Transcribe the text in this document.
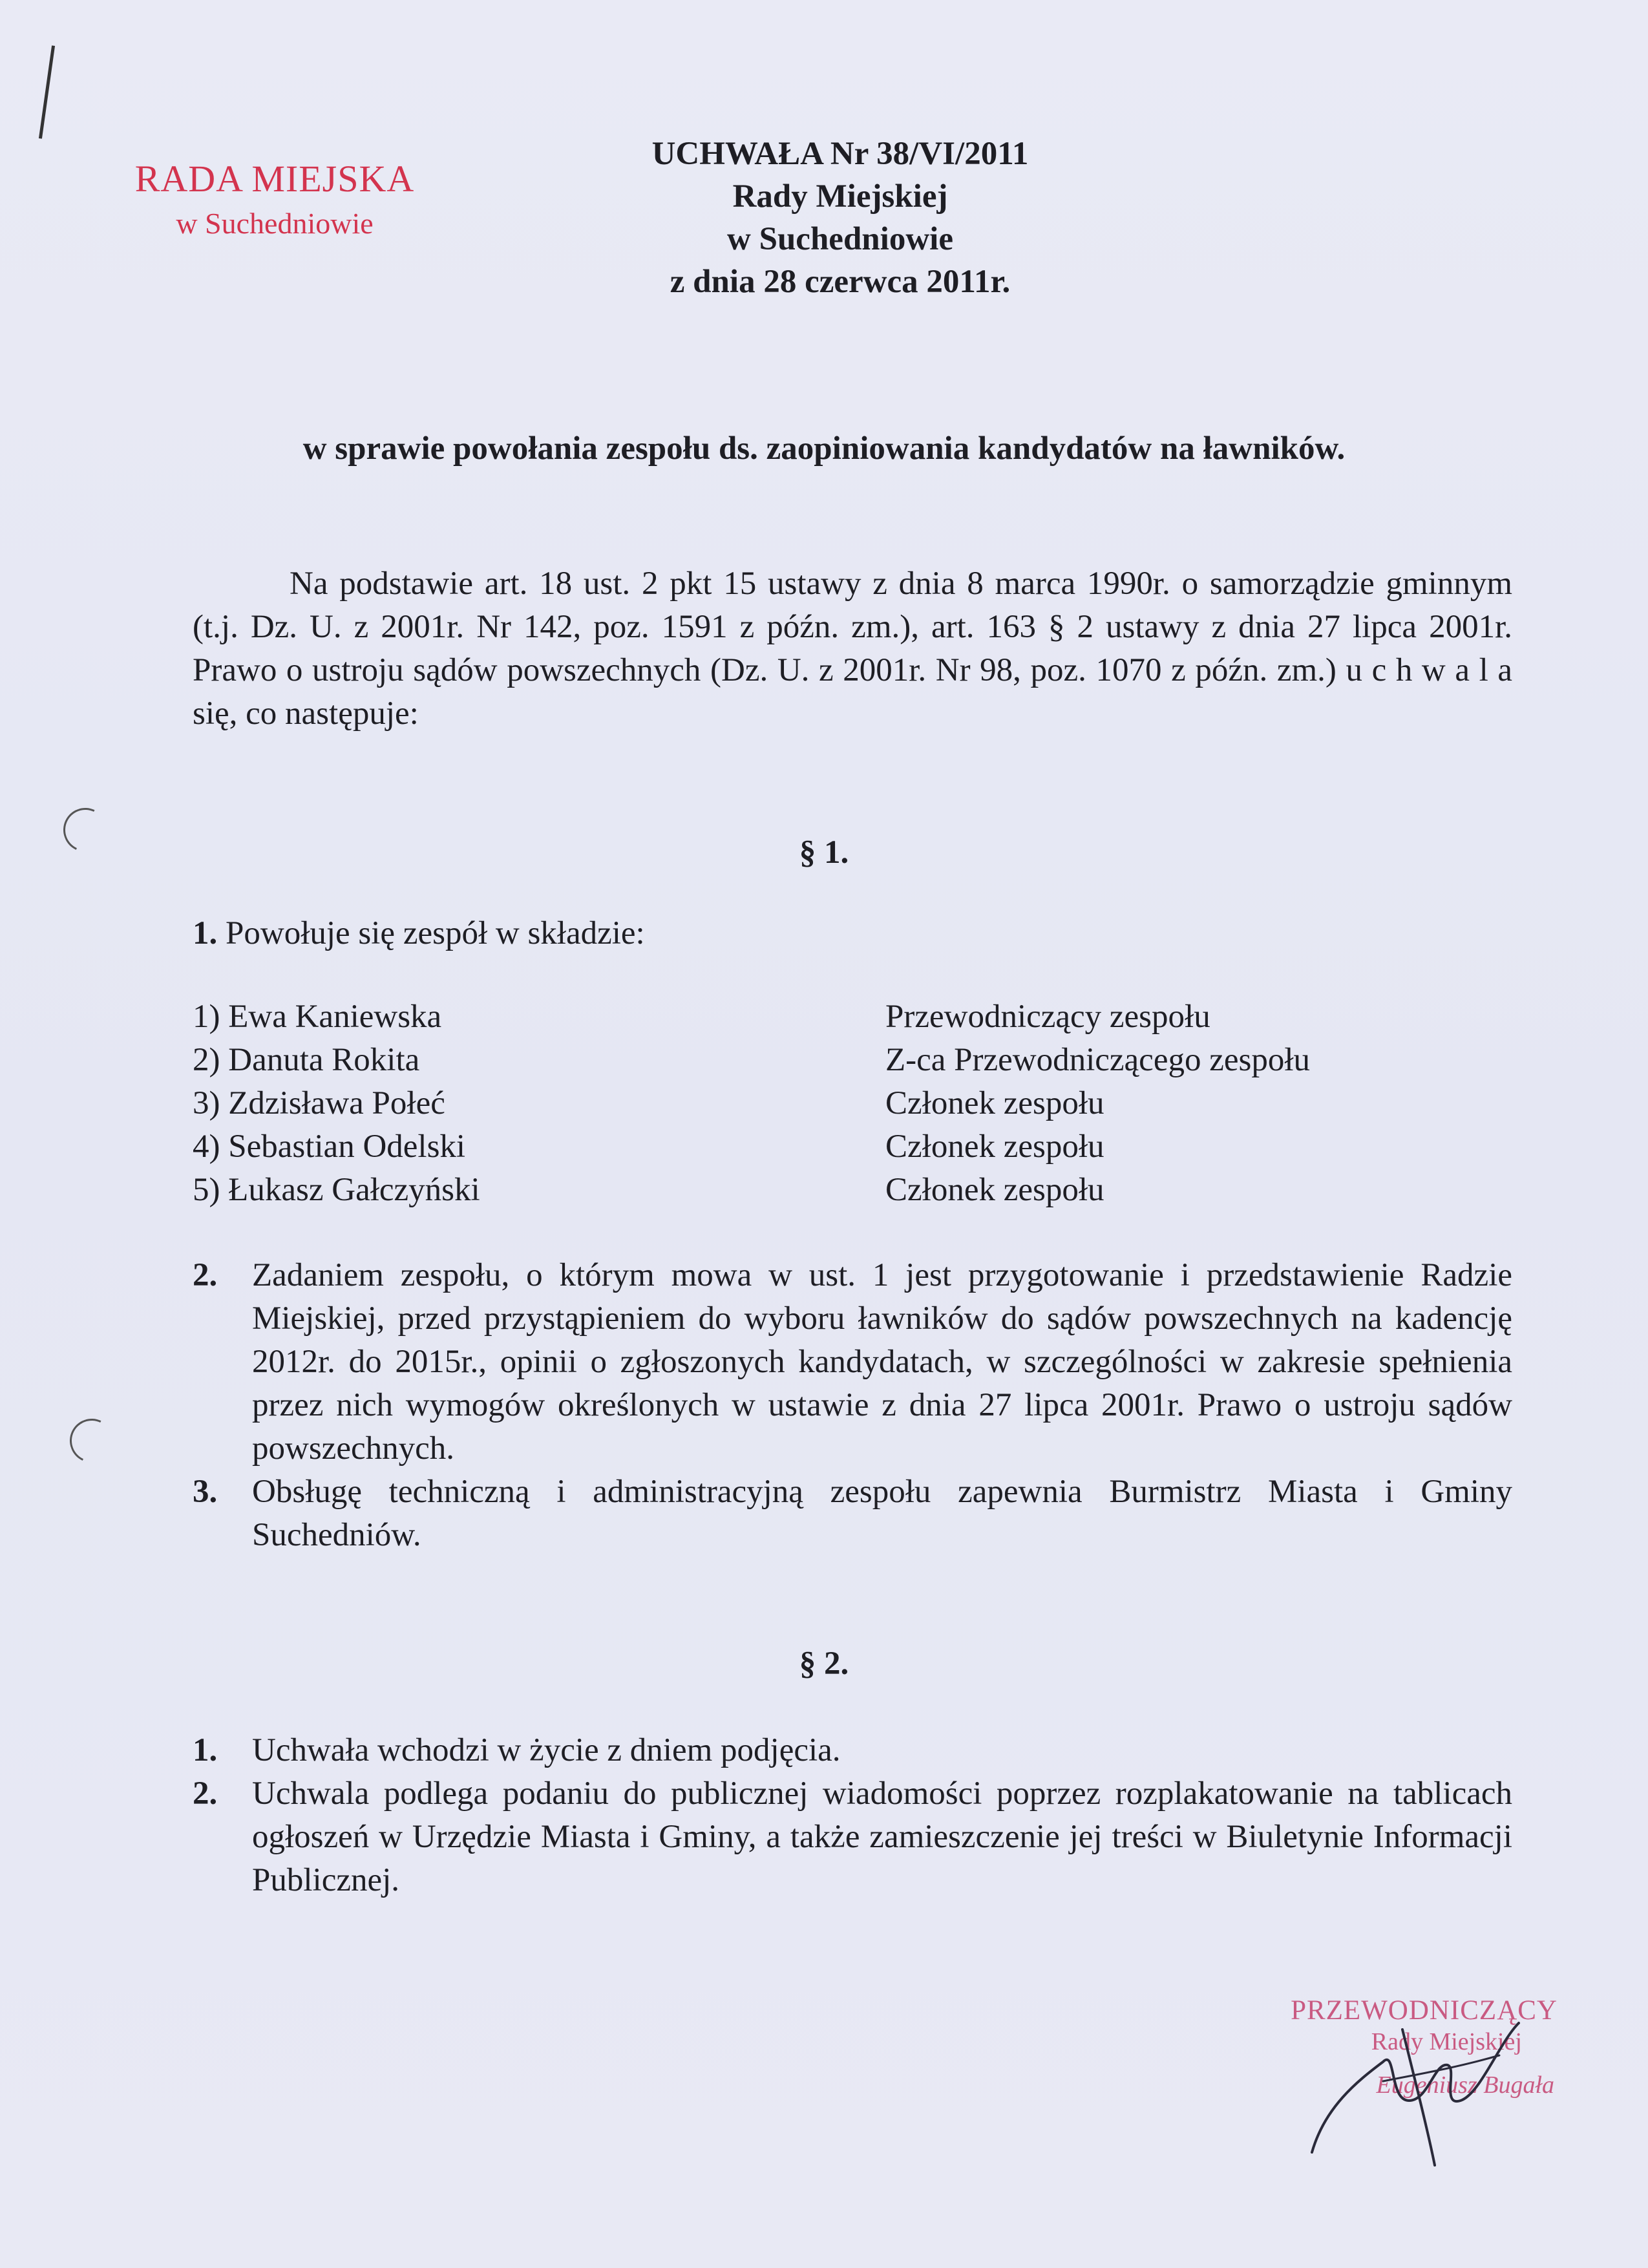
RADA MIEJSKA
w Suchedniowie
UCHWAŁA Nr 38/VI/2011
Rady Miejskiej
w Suchedniowie
z dnia 28 czerwca 2011r.
w sprawie powołania zespołu ds. zaopiniowania kandydatów na ławników.

Na podstawie art. 18 ust. 2 pkt 15 ustawy z dnia 8 marca 1990r. o samorządzie gminnym (t.j. Dz. U. z 2001r. Nr 142, poz. 1591 z późn. zm.), art. 163 § 2 ustawy z dnia 27 lipca 2001r. Prawo o ustroju sądów powszechnych (Dz. U. z 2001r. Nr 98, poz. 1070 z późn. zm.) u c h w a l a się, co następuje:

§ 1.
1. Powołuje się zespół w składzie:
1) Ewa Kaniewska	Przewodniczący zespołu
2) Danuta Rokita	Z-ca Przewodniczącego zespołu
3) Zdzisława Połeć	Członek zespołu
4) Sebastian Odelski	Członek zespołu
5) Łukasz Gałczyński	Członek zespołu
2.	Zadaniem zespołu, o którym mowa w ust. 1 jest przygotowanie i przedstawienie Radzie Miejskiej, przed przystąpieniem do wyboru ławników do sądów powszechnych na kadencję 2012r. do 2015r., opinii o zgłoszonych kandydatach, w szczególności w zakresie spełnienia przez nich wymogów określonych w ustawie z dnia 27 lipca 2001r. Prawo o ustroju sądów powszechnych.
3.	Obsługę techniczną i administracyjną zespołu zapewnia Burmistrz Miasta i Gminy Suchedniów.
§ 2.
1.	Uchwała wchodzi w życie z dniem podjęcia.
2.	Uchwala podlega podaniu do publicznej wiadomości poprzez rozplakatowanie na tablicach ogłoszeń w Urzędzie Miasta i Gminy, a także zamieszczenie jej treści w Biuletynie Informacji Publicznej.
PRZEWODNICZĄCY
Rady Miejskiej
Eugeniusz Bugała
